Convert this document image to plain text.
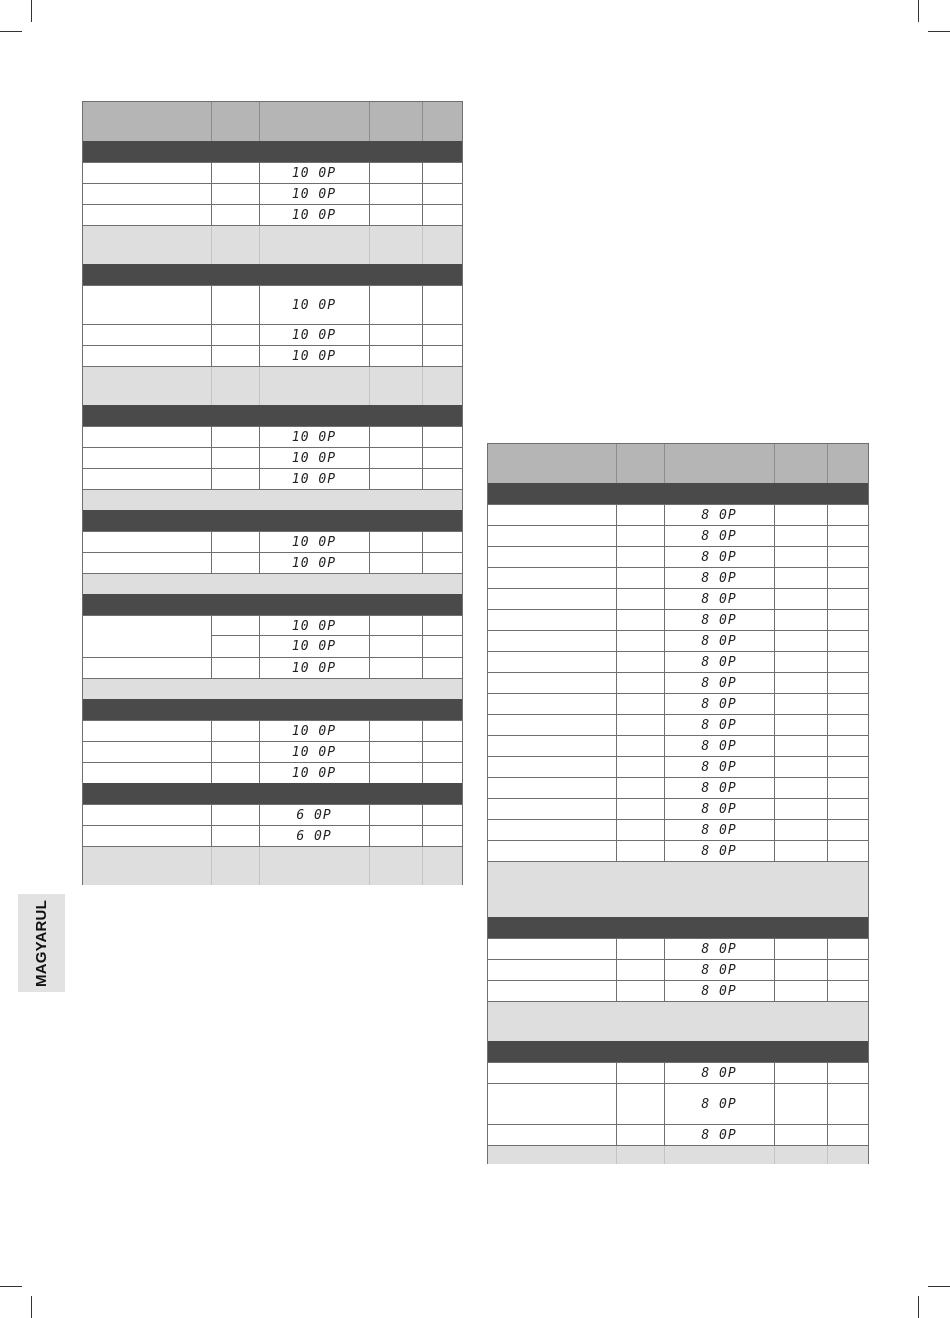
10 0P
10 0P
10 0P
10 0P
10 0P
10 0P
10 0P
10 0P
10 0P
10 0P
10 0P
10 0P
10 0P
10 0P
10 0P
10 0P
10 0P
6 0P
6 0P
8 0P
8 0P
8 0P
8 0P
8 0P
8 0P
8 0P
8 0P
8 0P
8 0P
8 0P
8 0P
8 0P
8 0P
8 0P
8 0P
8 0P
8 0P
8 0P
8 0P
8 0P
8 0P
8 0P
MAGYARUL
